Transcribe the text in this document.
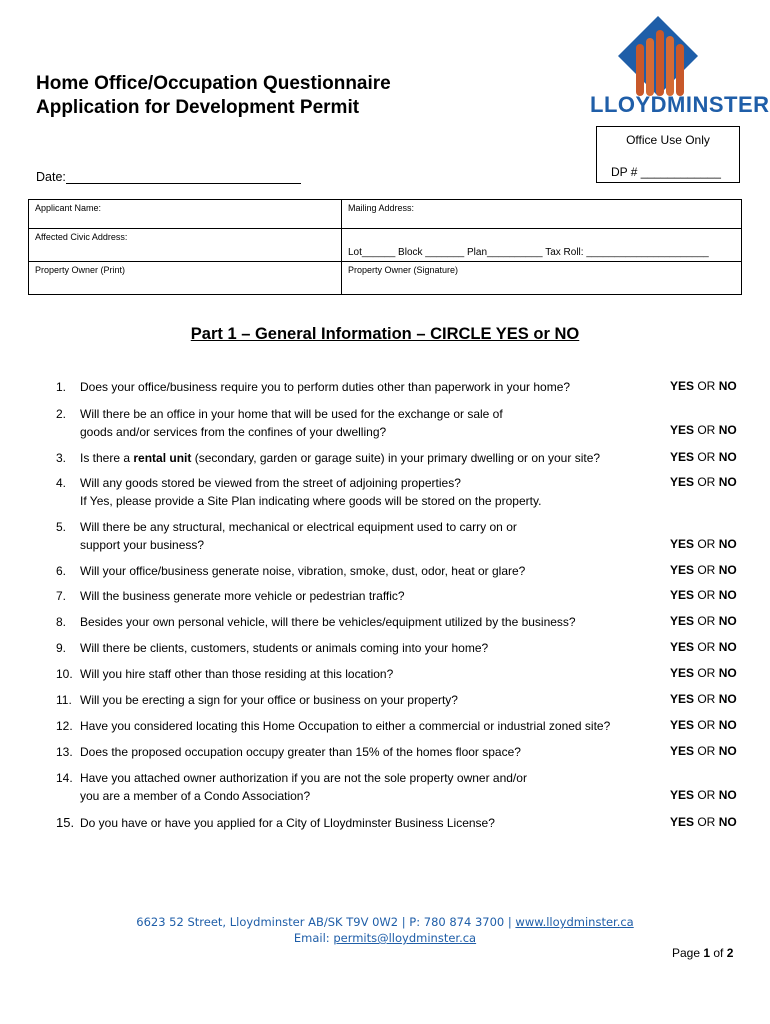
Home Office/Occupation Questionnaire
Application for Development Permit	LLOYDMINSTER
Office Use Only
DP # ____________
Date:
Applicant Name:	Mailing Address:
Affected Civic Address:	Lot______ Block _______ Plan__________ Tax Roll: ______________________
Property Owner (Print)	Property Owner (Signature)
Part 1 – General Information – CIRCLE YES or NO
1.	Does your office/business require you to perform duties other than paperwork in your home?	YES OR NO
2.	Will there be an office in your home that will be used for the exchange or sale of
goods and/or services from the confines of your dwelling?	YES OR NO
3.	Is there a rental unit (secondary, garden or garage suite) in your primary dwelling or on your site?	YES OR NO
4.	Will any goods stored be viewed from the street of adjoining properties?
If Yes, please provide a Site Plan indicating where goods will be stored on the property.
YES OR NO
5.	Will there be any structural, mechanical or electrical equipment used to carry on or
support your business?	YES OR NO
6.	Will your office/business generate noise, vibration, smoke, dust, odor, heat or glare?	YES OR NO
7.	Will the business generate more vehicle or pedestrian traffic?	YES OR NO
8.	Besides your own personal vehicle, will there be vehicles/equipment utilized by the business?	YES OR NO
9.	Will there be clients, customers, students or animals coming into your home?	YES OR NO
10. Will you hire staff other than those residing at this location?	YES OR NO
11. Will you be erecting a sign for your office or business on your property?	YES OR NO
12. Have you considered locating this Home Occupation to either a commercial or industrial zoned site?	YES OR NO
13. Does the proposed occupation occupy greater than 15% of the homes floor space?	YES OR NO
14. Have you attached owner authorization if you are not the sole property owner and/or
you are a member of a Condo Association?	YES OR NO
15. Do you have or have you applied for a City of Lloydminster Business License?	YES OR NO
6623 52 Street, Lloydminster AB/SK T9V 0W2 | P: 780 874 3700 | www.lloydminster.ca
Email: permits@lloydminster.ca
Page 1 of 2
